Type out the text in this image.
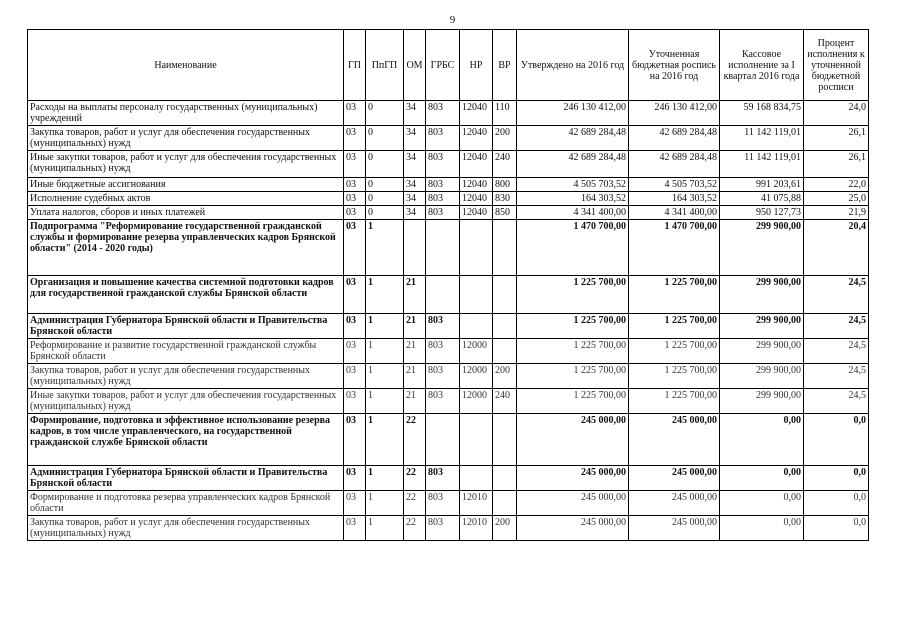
9
Наименование	ГП	ПпГП	ОМ	ГРБС	НР	ВР	Утверждено на 2016 год	Уточненная бюджетная роспись на 2016 год	Кассовое исполнение за I квартал 2016 года	Процент исполнения к уточненной бюджетной росписи
Расходы на выплаты персоналу государственных (муниципальных) учреждений	03	0	34	803	12040	110	246 130 412,00	246 130 412,00	59 168 834,75	24,0
Закупка товаров, работ и услуг для обеспечения государственных (муниципальных) нужд	03	0	34	803	12040	200	42 689 284,48	42 689 284,48	11 142 119,01	26,1
Иные закупки товаров, работ и услуг для обеспечения государственных (муниципальных) нужд	03	0	34	803	12040	240	42 689 284,48	42 689 284,48	11 142 119,01	26,1
Иные бюджетные ассигнования	03	0	34	803	12040	800	4 505 703,52	4 505 703,52	991 203,61	22,0
Исполнение судебных актов	03	0	34	803	12040	830	164 303,52	164 303,52	41 075,88	25,0
Уплата налогов, сборов и иных платежей	03	0	34	803	12040	850	4 341 400,00	4 341 400,00	950 127,73	21,9
Подпрограмма "Реформирование государственной гражданской службы и формирование резерва управленческих кадров Брянской области" (2014 - 2020 годы)	03	1					1 470 700,00	1 470 700,00	299 900,00	20,4
Организация и повышение качества системной подготовки кадров для государственной гражданской службы Брянской области	03	1	21				1 225 700,00	1 225 700,00	299 900,00	24,5
Администрация Губернатора Брянской области и Правительства Брянской области	03	1	21	803			1 225 700,00	1 225 700,00	299 900,00	24,5
Реформирование и развитие государственной гражданской службы Брянской области	03	1	21	803	12000		1 225 700,00	1 225 700,00	299 900,00	24,5
Закупка товаров, работ и услуг для обеспечения государственных (муниципальных) нужд	03	1	21	803	12000	200	1 225 700,00	1 225 700,00	299 900,00	24,5
Иные закупки товаров, работ и услуг для обеспечения государственных (муниципальных) нужд	03	1	21	803	12000	240	1 225 700,00	1 225 700,00	299 900,00	24,5
Формирование, подготовка и эффективное использование резерва кадров, в том числе управленческого, на государственной гражданской службе Брянской области	03	1	22				245 000,00	245 000,00	0,00	0,0
Администрация Губернатора Брянской области и Правительства Брянской области	03	1	22	803			245 000,00	245 000,00	0,00	0,0
Формирование и подготовка резерва управленческих кадров Брянской области	03	1	22	803	12010		245 000,00	245 000,00	0,00	0,0
Закупка товаров, работ и услуг для обеспечения государственных (муниципальных) нужд	03	1	22	803	12010	200	245 000,00	245 000,00	0,00	0,0
